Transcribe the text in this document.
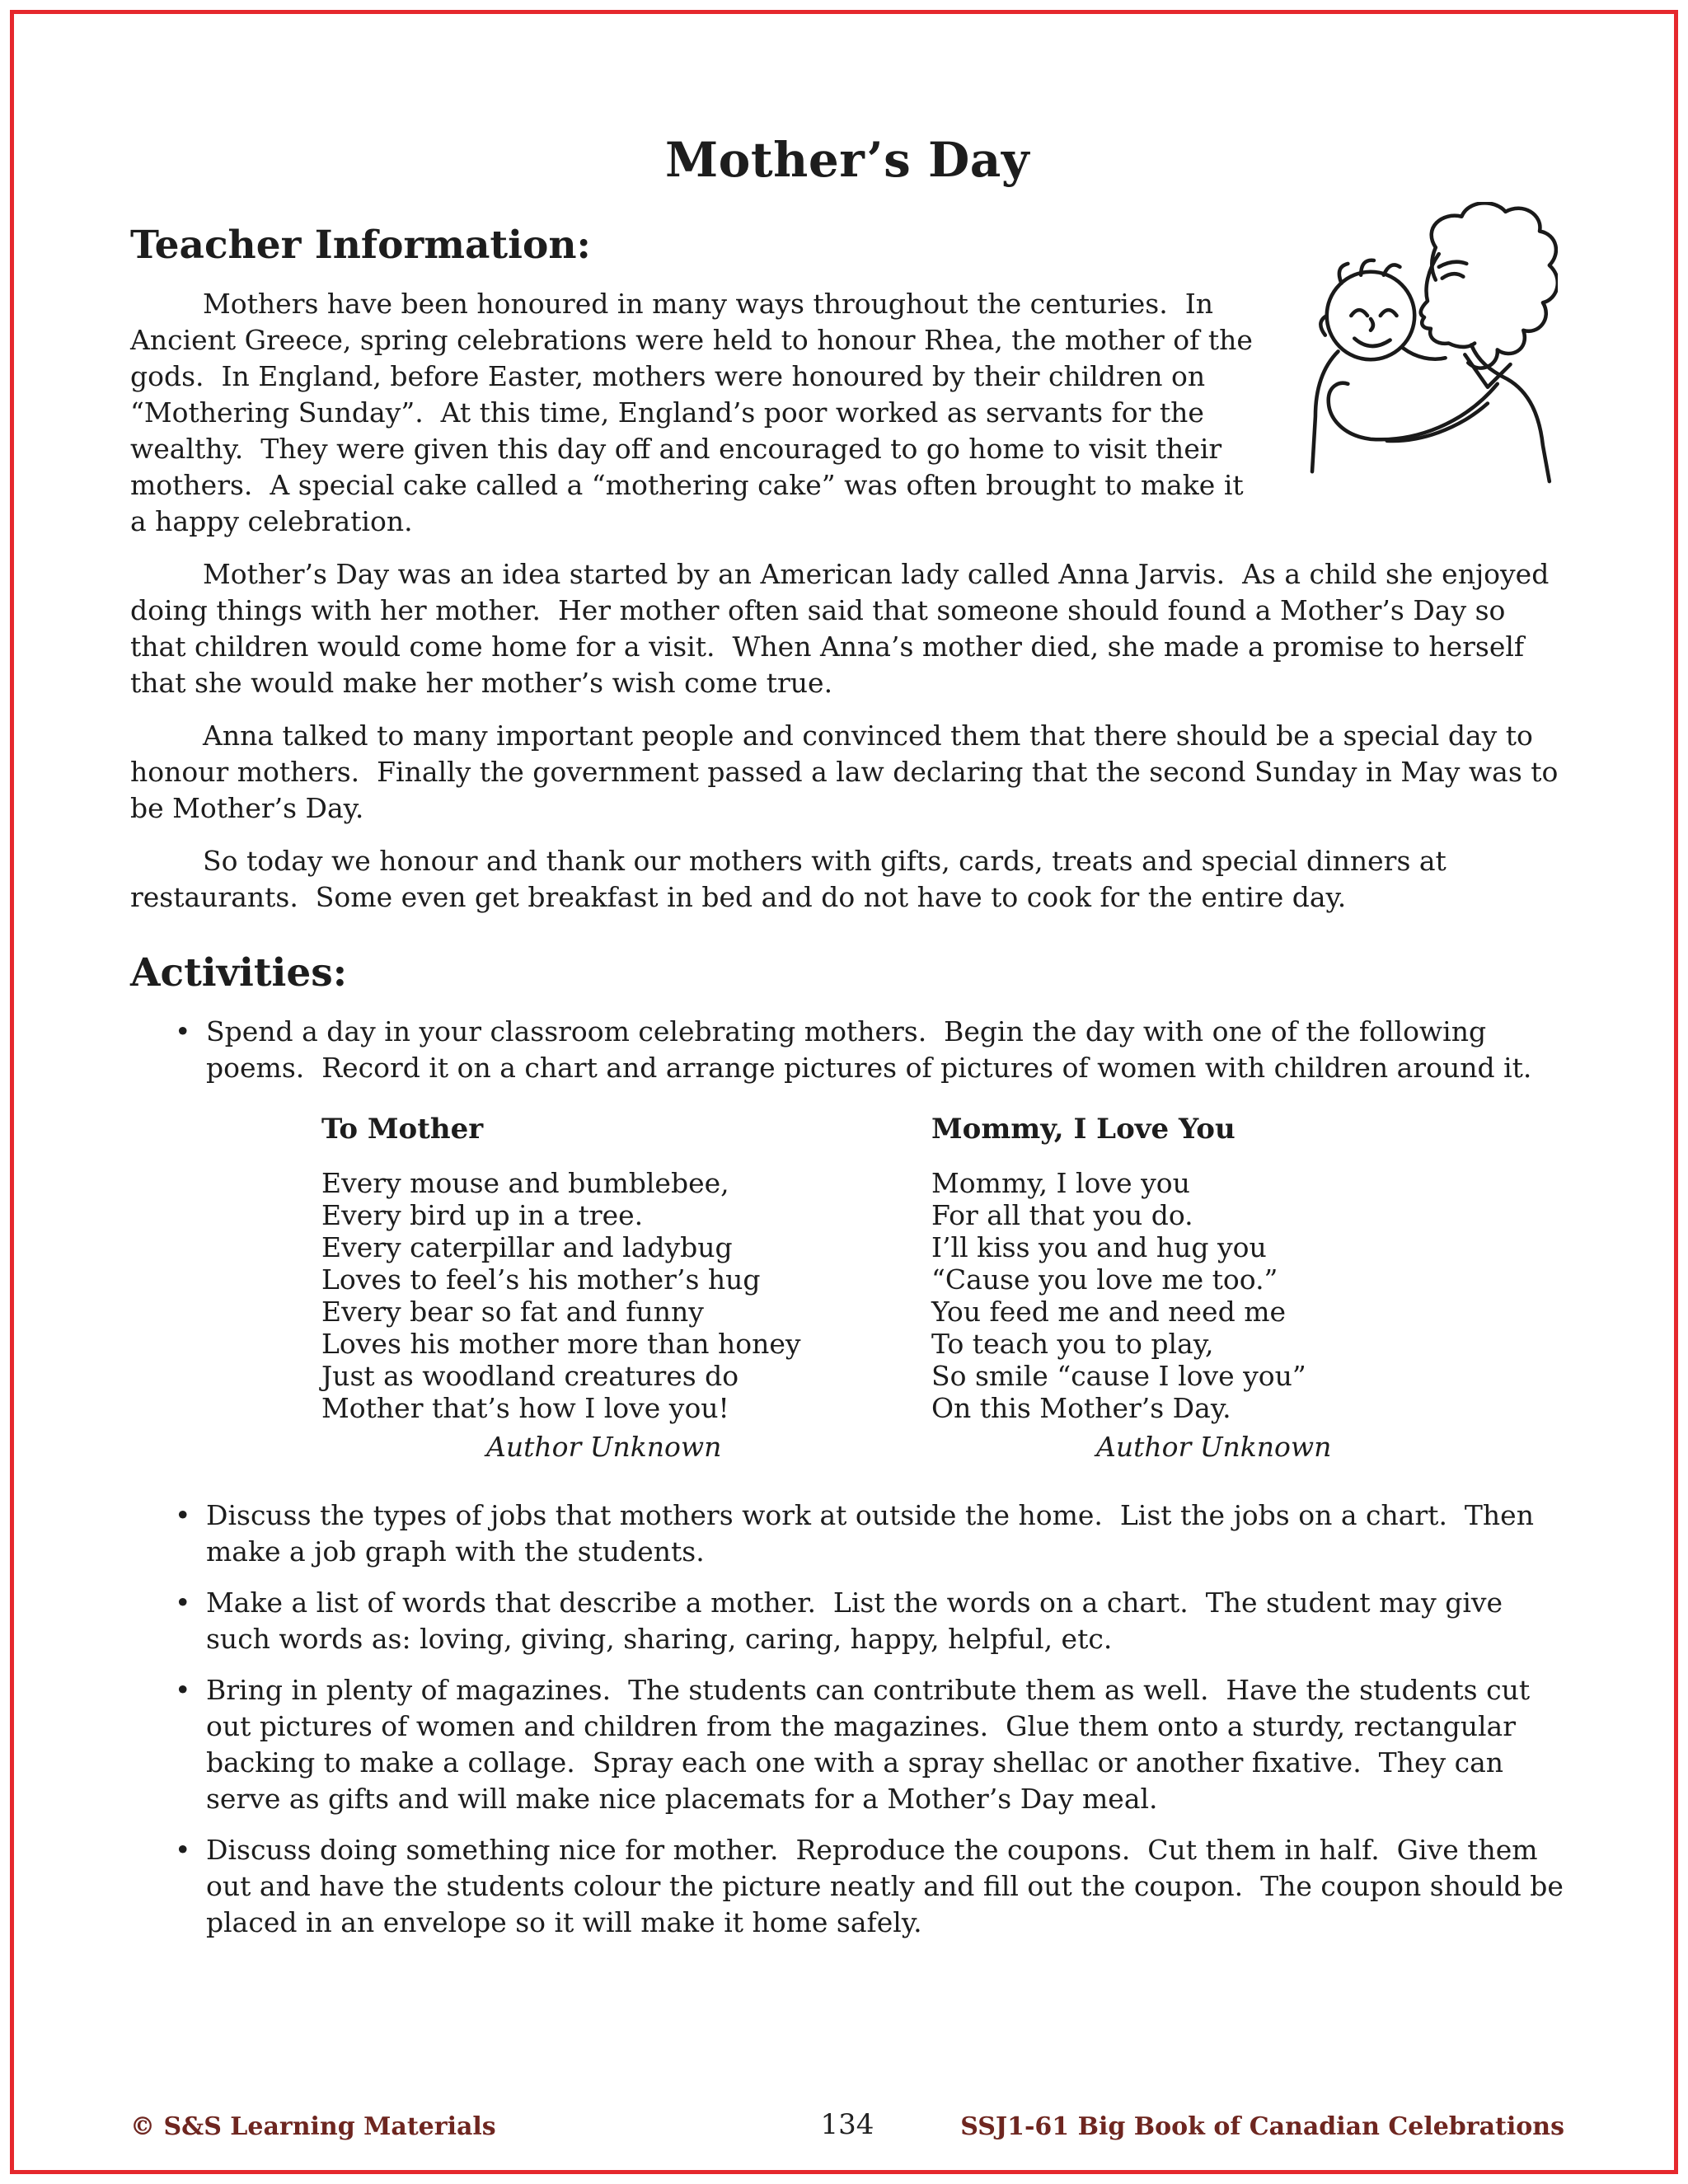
Mother’s Day
Teacher Information:

Mothers have been honoured in many ways throughout the centuries.  In Ancient Greece, spring celebrations were held to honour Rhea, the mother of the gods.  In England, before Easter, mothers were honoured by their children on “Mothering Sunday”.  At this time, England’s poor worked as servants for the wealthy.  They were given this day off and encouraged to go home to visit their mothers.  A special cake called a “mothering cake” was often brought to make it a happy celebration.

Mother’s Day was an idea started by an American lady called Anna Jarvis.  As a child she enjoyed doing things with her mother.  Her mother often said that someone should found a Mother’s Day so that children would come home for a visit.  When Anna’s mother died, she made a promise to herself that she would make her mother’s wish come true.

Anna talked to many important people and convinced them that there should be a special day to honour mothers.  Finally the government passed a law declaring that the second Sunday in May was to be Mother’s Day.

So today we honour and thank our mothers with gifts, cards, treats and special dinners at restaurants.  Some even get breakfast in bed and do not have to cook for the entire day.

Activities:
• Spend a day in your classroom celebrating mothers.  Begin the day with one of the following poems.  Record it on a chart and arrange pictures of pictures of women with children around it.
To Mother
Every mouse and bumblebee,
Every bird up in a tree.
Every caterpillar and ladybug
Loves to feel’s his mother’s hug
Every bear so fat and funny
Loves his mother more than honey
Just as woodland creatures do
Mother that’s how I love you!
Author Unknown
Mommy, I Love You
Mommy, I love you
For all that you do.
I’ll kiss you and hug you
“Cause you love me too.”
You feed me and need me
To teach you to play,
So smile “cause I love you”
On this Mother’s Day.
Author Unknown
• Discuss the types of jobs that mothers work at outside the home.  List the jobs on a chart.  Then make a job graph with the students.
• Make a list of words that describe a mother.  List the words on a chart.  The student may give such words as: loving, giving, sharing, caring, happy, helpful, etc.
• Bring in plenty of magazines.  The students can contribute them as well.  Have the students cut out pictures of women and children from the magazines.  Glue them onto a sturdy, rectangular backing to make a collage.  Spray each one with a spray shellac or another fixative.  They can serve as gifts and will make nice placemats for a Mother’s Day meal.
• Discuss doing something nice for mother.  Reproduce the coupons.  Cut them in half.  Give them out and have the students colour the picture neatly and fill out the coupon.  The coupon should be placed in an envelope so it will make it home safely.
© S&S Learning Materials	134	SSJ1-61 Big Book of Canadian Celebrations
